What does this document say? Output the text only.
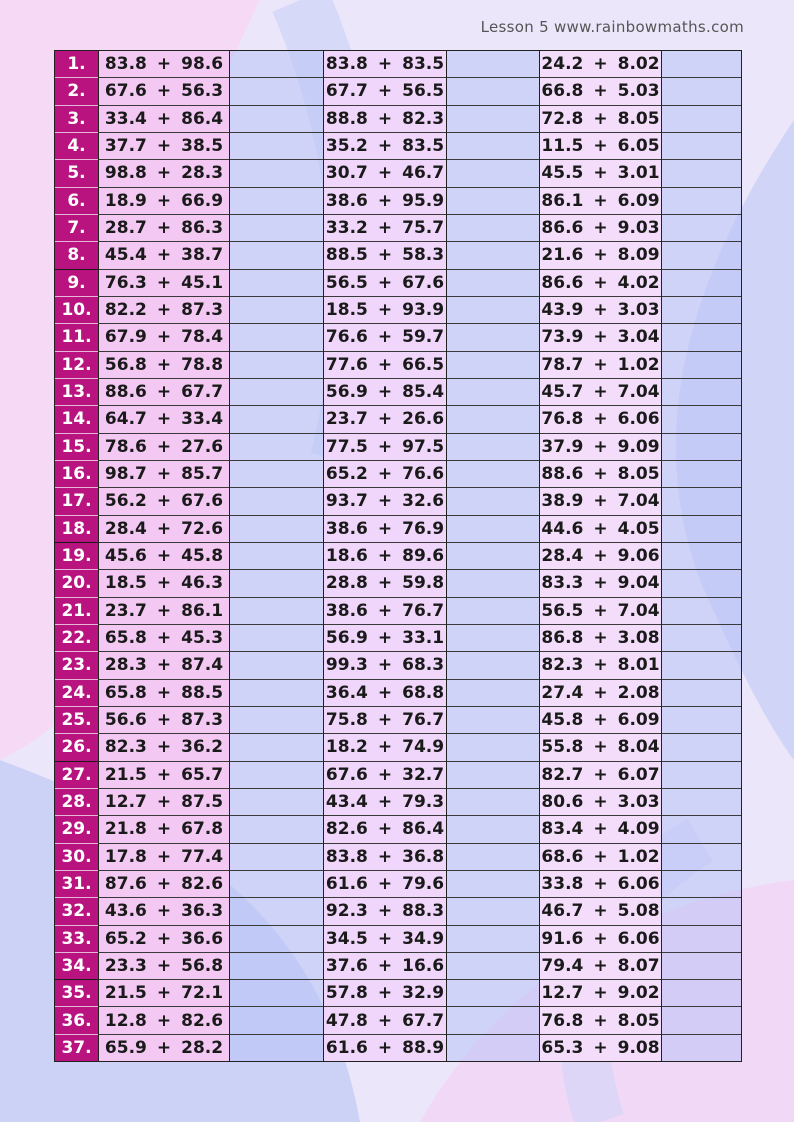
Lesson 5 www.rainbowmaths.com
1.
2.
3.
4.
5.
6.
7.
8.
9.
10.
11.
12.
13.
14.
15.
16.
17.
18.
19.
20.
21.
22.
23.
24.
25.
26.
27.
28.
29.
30.
31.
32.
33.
34.
35.
36.
37.
83.8 + 98.6
67.6 + 56.3
33.4 + 86.4
37.7 + 38.5
98.8 + 28.3
18.9 + 66.9
28.7 + 86.3
45.4 + 38.7
76.3 + 45.1
82.2 + 87.3
67.9 + 78.4
56.8 + 78.8
88.6 + 67.7
64.7 + 33.4
78.6 + 27.6
98.7 + 85.7
56.2 + 67.6
28.4 + 72.6
45.6 + 45.8
18.5 + 46.3
23.7 + 86.1
65.8 + 45.3
28.3 + 87.4
65.8 + 88.5
56.6 + 87.3
82.3 + 36.2
21.5 + 65.7
12.7 + 87.5
21.8 + 67.8
17.8 + 77.4
87.6 + 82.6
43.6 + 36.3
65.2 + 36.6
23.3 + 56.8
21.5 + 72.1
12.8 + 82.6
65.9 + 28.2
83.8 + 83.5
67.7 + 56.5
88.8 + 82.3
35.2 + 83.5
30.7 + 46.7
38.6 + 95.9
33.2 + 75.7
88.5 + 58.3
56.5 + 67.6
18.5 + 93.9
76.6 + 59.7
77.6 + 66.5
56.9 + 85.4
23.7 + 26.6
77.5 + 97.5
65.2 + 76.6
93.7 + 32.6
38.6 + 76.9
18.6 + 89.6
28.8 + 59.8
38.6 + 76.7
56.9 + 33.1
99.3 + 68.3
36.4 + 68.8
75.8 + 76.7
18.2 + 74.9
67.6 + 32.7
43.4 + 79.3
82.6 + 86.4
83.8 + 36.8
61.6 + 79.6
92.3 + 88.3
34.5 + 34.9
37.6 + 16.6
57.8 + 32.9
47.8 + 67.7
61.6 + 88.9
24.2 + 8.02
66.8 + 5.03
72.8 + 8.05
11.5 + 6.05
45.5 + 3.01
86.1 + 6.09
86.6 + 9.03
21.6 + 8.09
86.6 + 4.02
43.9 + 3.03
73.9 + 3.04
78.7 + 1.02
45.7 + 7.04
76.8 + 6.06
37.9 + 9.09
88.6 + 8.05
38.9 + 7.04
44.6 + 4.05
28.4 + 9.06
83.3 + 9.04
56.5 + 7.04
86.8 + 3.08
82.3 + 8.01
27.4 + 2.08
45.8 + 6.09
55.8 + 8.04
82.7 + 6.07
80.6 + 3.03
83.4 + 4.09
68.6 + 1.02
33.8 + 6.06
46.7 + 5.08
91.6 + 6.06
79.4 + 8.07
12.7 + 9.02
76.8 + 8.05
65.3 + 9.08
